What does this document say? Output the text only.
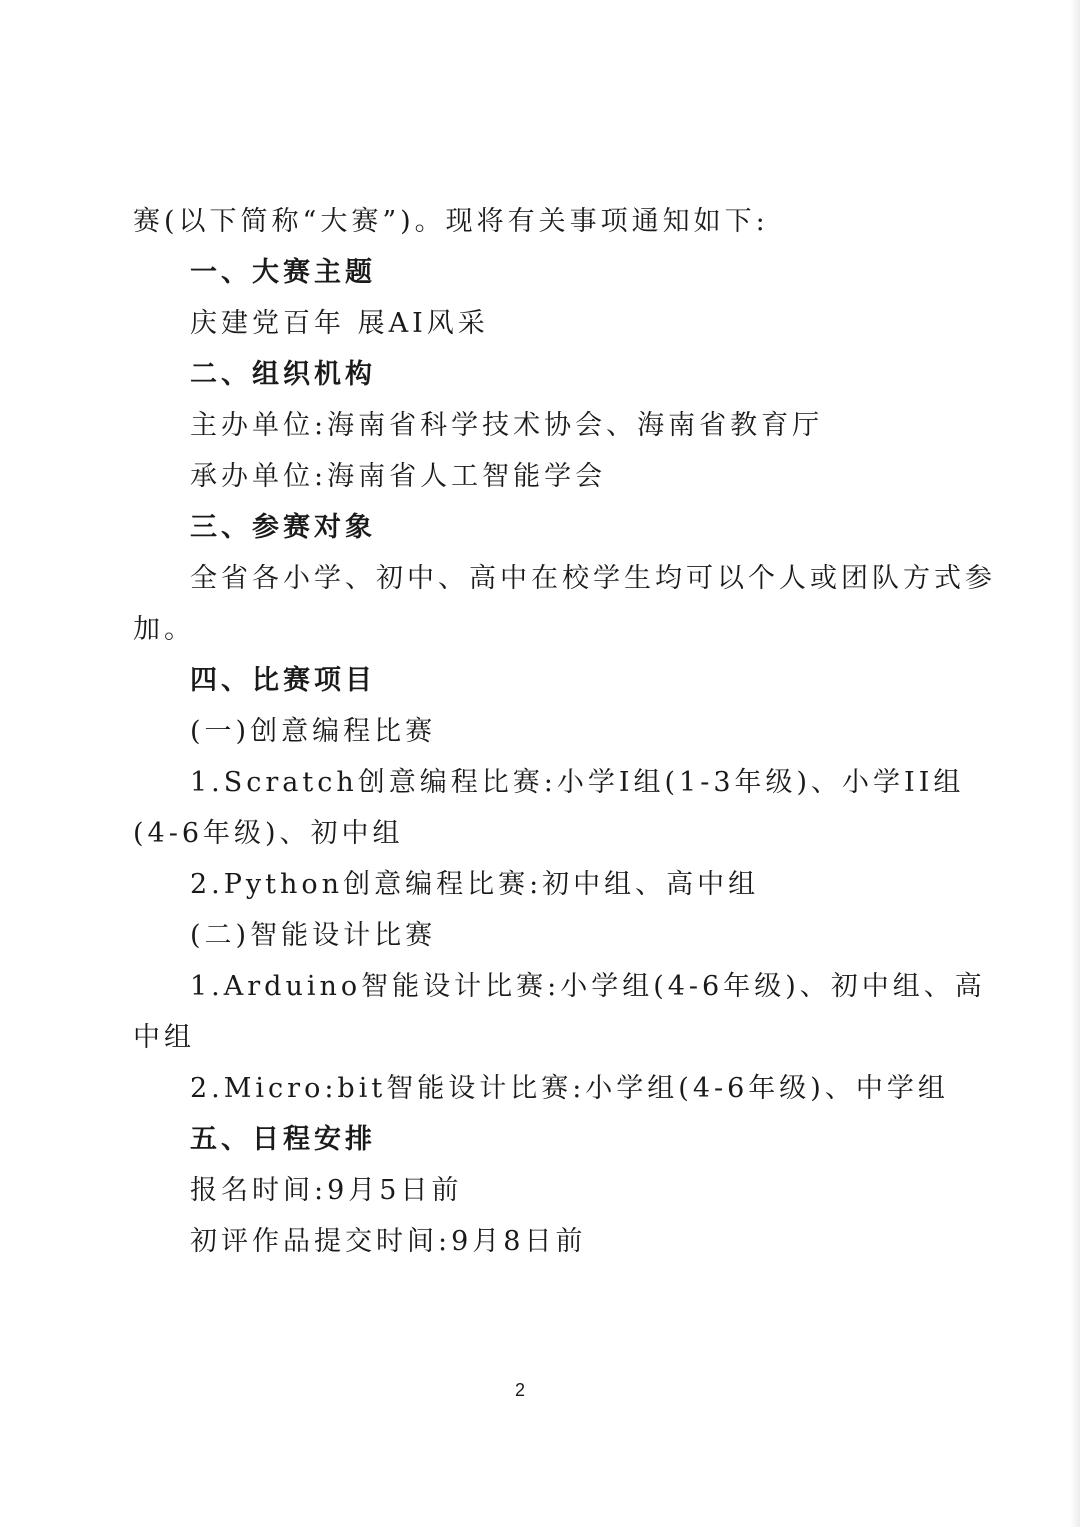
赛(以下简称“大赛”)。现将有关事项通知如下:
一、大赛主题
庆建党百年 展AI风采
二、组织机构
主办单位:海南省科学技术协会、海南省教育厅
承办单位:海南省人工智能学会
三、参赛对象
全省各小学、初中、高中在校学生均可以个人或团队方式参
加。
四、比赛项目
(一)创意编程比赛
1.Scratch创意编程比赛:小学I组(1-3年级)、小学II组
(4-6年级)、初中组
2.Python创意编程比赛:初中组、高中组
(二)智能设计比赛
1.Arduino智能设计比赛:小学组(4-6年级)、初中组、高
中组
2.Micro:bit智能设计比赛:小学组(4-6年级)、中学组
五、日程安排
报名时间:9月5日前
初评作品提交时间:9月8日前
2
